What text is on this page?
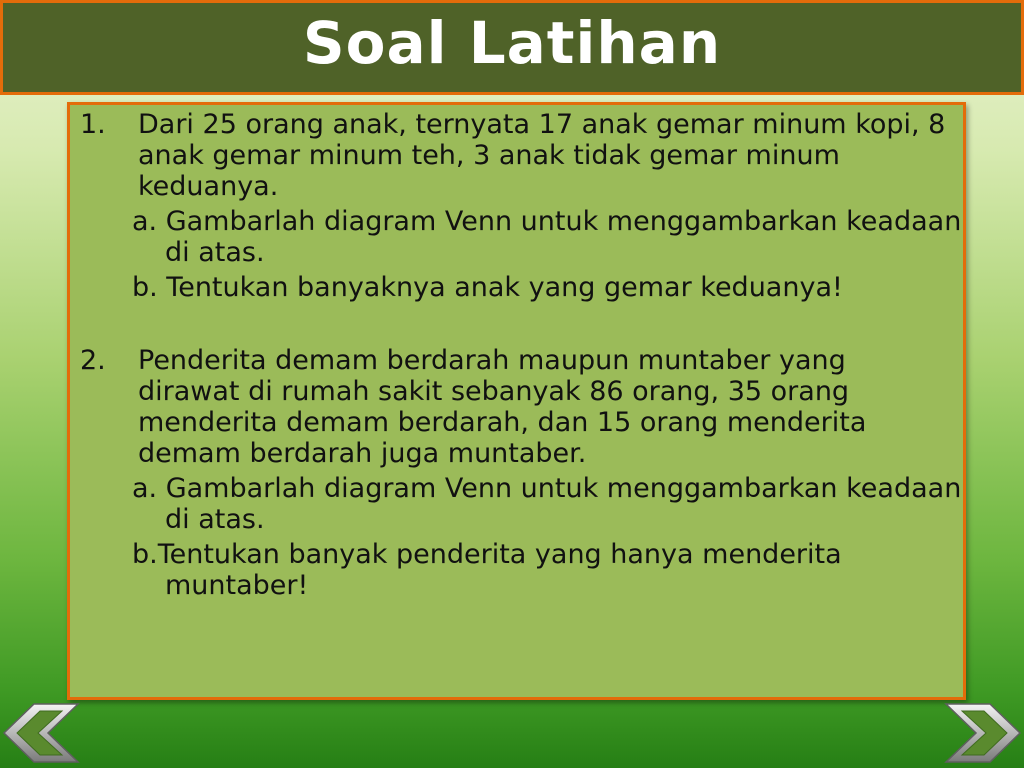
Soal Latihan
1. Dari 25 orang anak, ternyata 17 anak gemar minum kopi, 8 anak gemar minum teh, 3 anak tidak gemar minum keduanya.
a. Gambarlah diagram Venn untuk menggambarkan keadaan di atas.
b. Tentukan banyaknya anak yang gemar keduanya!
2. Penderita demam berdarah maupun muntaber yang dirawat di rumah sakit sebanyak 86 orang, 35 orang menderita demam berdarah, dan 15 orang menderita demam berdarah juga muntaber.
a. Gambarlah diagram Venn untuk menggambarkan keadaan di atas.
b.Tentukan banyak penderita yang hanya menderita muntaber!
